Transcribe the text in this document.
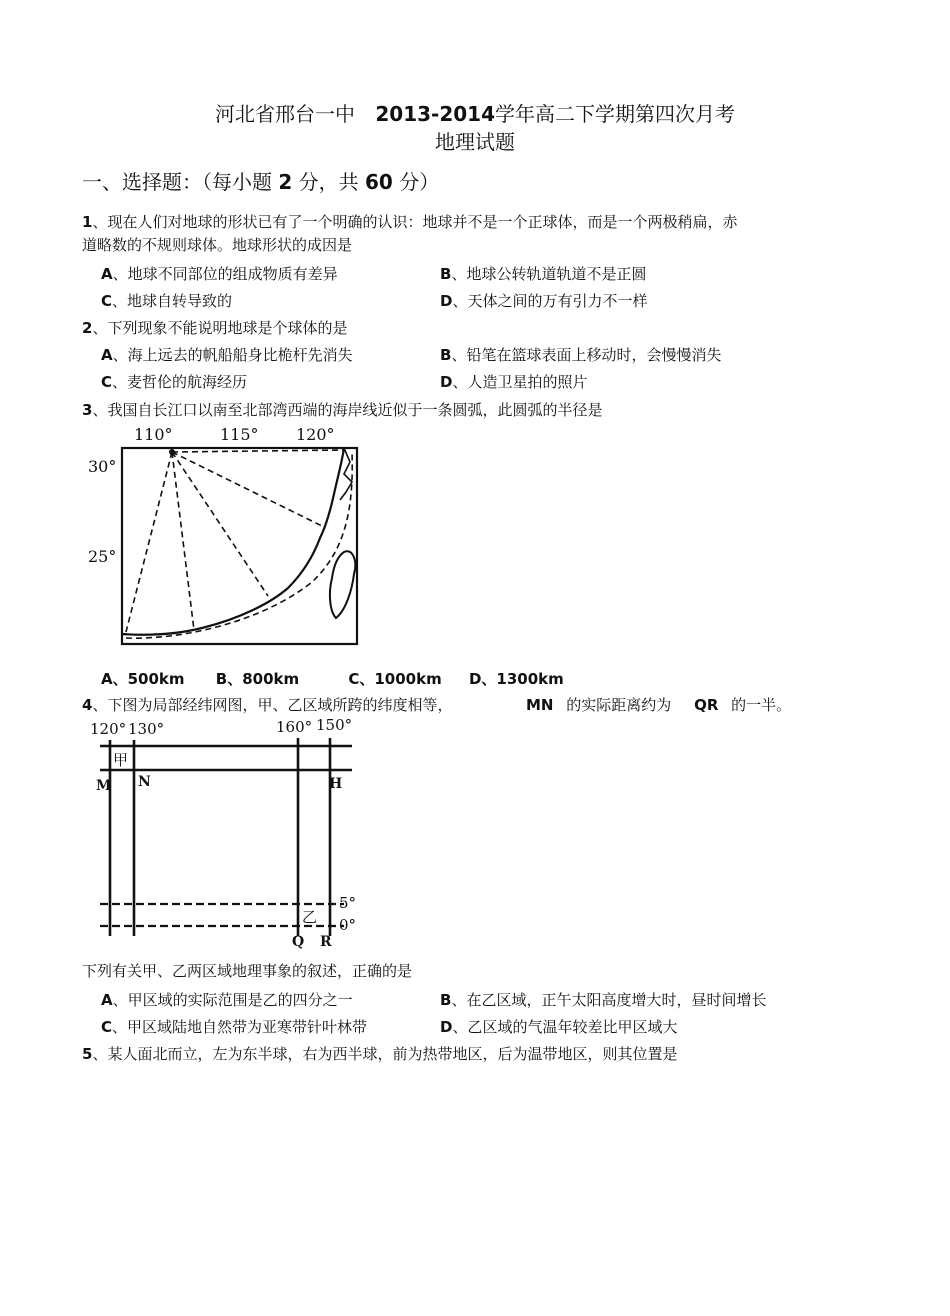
河北省邢台一中 2013-2014学年高二下学期第四次月考
地理试题
一、选择题：（每小题 2 分，共 60 分）
1、现在人们对地球的形状已有了一个明确的认识：地球并不是一个正球体，而是一个两极稍扁，赤
道略数的不规则球体。地球形状的成因是
A、地球不同部位的组成物质有差异	B、地球公转轨道轨道不是正圆
C、地球自转导致的	D、天体之间的万有引力不一样
2、下列现象不能说明地球是个球体的是
A、海上远去的帆船船身比桅杆先消失	B、铅笔在篮球表面上移动时，会慢慢消失
C、麦哲伦的航海经历	D、人造卫星拍的照片
3、我国自长江口以南至北部湾西端的海岸线近似于一条圆弧，此圆弧的半径是
110°	115° 120°
30°
25°
A、500km B、800km	C、1000km D、1300km
4、下图为局部经纬网图，甲、乙区域所跨的纬度相等，	MN 的实际距离约为 QR 的一半。
120° 130°	160° 150°
5°
0°
M N	H
Q R
甲
乙
下列有关甲、乙两区域地理事象的叙述，正确的是
A、甲区域的实际范围是乙的四分之一	B、在乙区域，正午太阳高度增大时，昼时间增长
C、甲区域陆地自然带为亚寒带针叶林带	D、乙区域的气温年较差比甲区域大
5、某人面北而立，左为东半球，右为西半球，前为热带地区，后为温带地区，则其位置是
